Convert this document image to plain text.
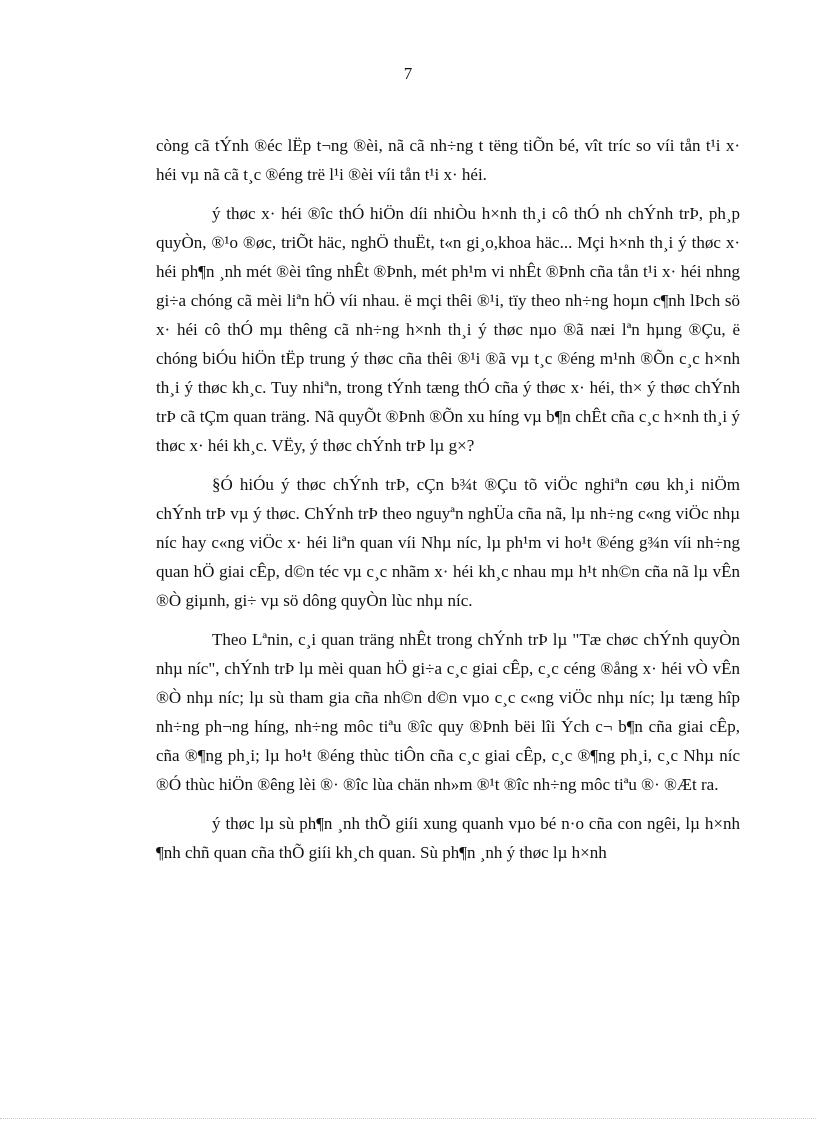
7

còng cã tÝnh ®éc lËp t¬ng ®èi, nã cã nh÷ng t tëng tiÕn bé, vît tríc so víi tån t¹i x· héi vµ nã cã t¸c ®éng trë l¹i ®èi víi tån t¹i x· héi.

ý thøc x· héi ®îc thÓ hiÖn díi nhiÒu h×nh th¸i cô thÓ nh chÝnh trÞ, ph¸p quyÒn, ®¹o ®øc, triÕt häc, nghÖ thuËt, t«n gi¸o,khoa häc... Mçi h×nh th¸i ý thøc x· héi ph¶n ¸nh mét ®èi tîng nhÊt ®Þnh, mét ph¹m vi nhÊt ®Þnh cña tån t¹i x· héi nhng gi÷a chóng cã mèi liªn hÖ víi nhau. ë mçi thêi ®¹i, tïy theo nh÷ng hoµn c¶nh lÞch sö x· héi cô thÓ mµ thêng cã nh÷ng h×nh th¸i ý thøc nµo ®ã næi lªn hµng ®Çu, ë chóng biÓu hiÖn tËp trung ý thøc cña thêi ®¹i ®ã vµ t¸c ®éng m¹nh ®Õn c¸c h×nh th¸i ý thøc kh¸c. Tuy nhiªn, trong tÝnh tæng thÓ cña ý thøc x· héi, th× ý thøc chÝnh trÞ cã tÇm quan träng. Nã quyÕt ®Þnh ®Õn xu híng vµ b¶n chÊt cña c¸c h×nh th¸i ý thøc x· héi kh¸c. VËy, ý thøc chÝnh trÞ lµ g×?

§Ó hiÓu ý thøc chÝnh trÞ, cÇn b¾t ®Çu tõ viÖc nghiªn cøu kh¸i niÖm chÝnh trÞ vµ ý thøc. ChÝnh trÞ theo nguyªn nghÜa cña nã, lµ nh÷ng c«ng viÖc nhµ níc hay c«ng viÖc x· héi liªn quan víi Nhµ níc, lµ ph¹m vi ho¹t ®éng g¾n víi nh÷ng quan hÖ giai cÊp, d©n téc vµ c¸c nhãm x· héi kh¸c nhau mµ h¹t nh©n cña nã lµ vÊn ®Ò giµnh, gi÷ vµ sö dông quyÒn lùc nhµ níc.

Theo Lªnin, c¸i quan träng nhÊt trong chÝnh trÞ lµ "Tæ chøc chÝnh quyÒn nhµ níc", chÝnh trÞ lµ mèi quan hÖ gi÷a c¸c giai cÊp, c¸c céng ®ång x· héi vÒ vÊn ®Ò nhµ níc; lµ sù tham gia cña nh©n d©n vµo c¸c c«ng viÖc nhµ níc; lµ tæng hîp nh÷ng ph¬ng híng, nh÷ng môc tiªu ®îc quy ®Þnh bëi lîi Ých c¬ b¶n cña giai cÊp, cña ®¶ng ph¸i; lµ ho¹t ®éng thùc tiÔn cña c¸c giai cÊp, c¸c ®¶ng ph¸i, c¸c Nhµ níc ®Ó thùc hiÖn ®êng lèi ®· ®îc lùa chän nh»m ®¹t ®îc nh÷ng môc tiªu ®· ®Æt ra.

ý thøc lµ sù ph¶n ¸nh thÕ giíi xung quanh vµo bé n·o cña con ngêi, lµ h×nh ¶nh chñ quan cña thÕ giíi kh¸ch quan. Sù ph¶n ¸nh ý thøc lµ h×nh
